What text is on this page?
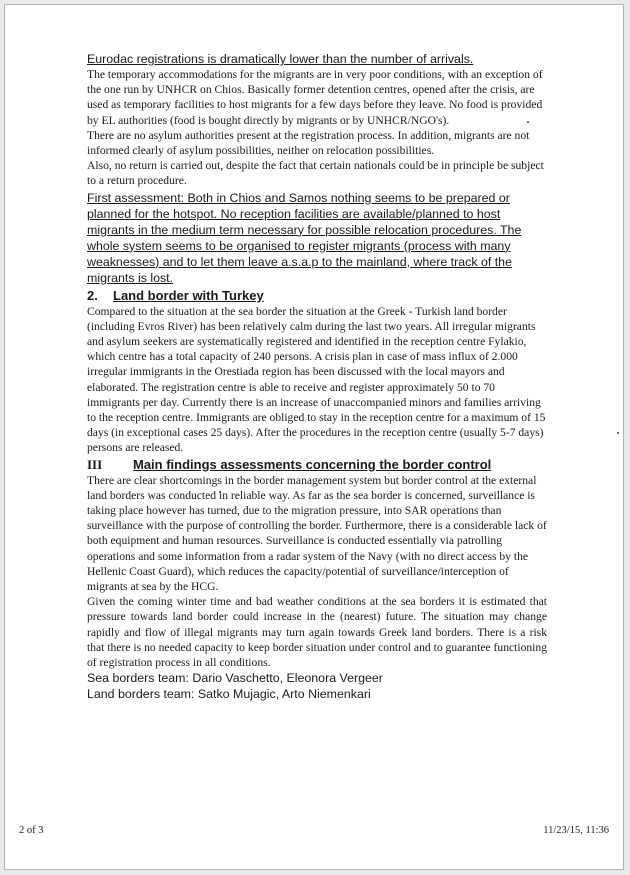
Eurodac registrations is dramatically lower than the number of arrivals.

The temporary accommodations for the migrants are in very poor conditions, with an exception of the one run by UNHCR on Chios. Basically former detention centres, opened after the crisis, are used as temporary facilities to host migrants for a few days before they leave. No food is provided by EL authorities (food is bought directly by migrants or by UNHCR/NGO's).

There are no asylum authorities present at the registration process. In addition, migrants are not informed clearly of asylum possibilities, neither on relocation possibilities.

Also, no return is carried out, despite the fact that certain nationals could be in principle be subject to a return procedure.

First assessment: Both in Chios and Samos nothing seems to be prepared or planned for the hotspot. No reception facilities are available/planned to host migrants in the medium term necessary for possible relocation procedures. The whole system seems to be organised to register migrants (process with many weaknesses) and to let them leave a.s.a.p to the mainland, where track of the migrants is lost.

2.	Land border with Turkey

Compared to the situation at the sea border the situation at the Greek - Turkish land border (including Evros River) has been relatively calm during the last two years. All irregular migrants and asylum seekers are systematically registered and identified in the reception centre Fylakio, which centre has a total capacity of 240 persons. A crisis plan in case of mass influx of 2.000 irregular immigrants in the Orestiada region has been discussed with the local mayors and elaborated. The registration centre is able to receive and register approximately 50 to 70 immigrants per day. Currently there is an increase of unaccompanied minors and families arriving to the reception centre. Immigrants are obliged to stay in the reception centre for a maximum of 15 days (in exceptional cases 25 days). After the procedures in the reception centre (usually 5-7 days) persons are released.

III	Main findings assessments concerning the border control

There are clear shortcomings in the border management system but border control at the external land borders was conducted in reliable way. As far as the sea border is concerned, surveillance is taking place however has turned, due to the migration pressure, into SAR operations than surveillance with the purpose of controlling the border. Furthermore, there is a considerable lack of both equipment and human resources. Surveillance is conducted essentially via patrolling operations and some information from a radar system of the Navy (with no direct access by the Hellenic Coast Guard), which reduces the capacity/potential of surveillance/interception of migrants at sea by the HCG.

Given the coming winter time and bad weather conditions at the sea borders it is estimated that pressure towards land border could increase in the (nearest) future. The situation may change rapidly and flow of illegal migrants may turn again towards Greek land borders. There is a risk that there is no needed capacity to keep border situation under control and to guarantee functioning of registration process in all conditions.

Sea borders team: Dario Vaschetto, Eleonora Vergeer

Land borders team: Satko Mujagic, Arto Niemenkari

2 of 3	11/23/15, 11:36
